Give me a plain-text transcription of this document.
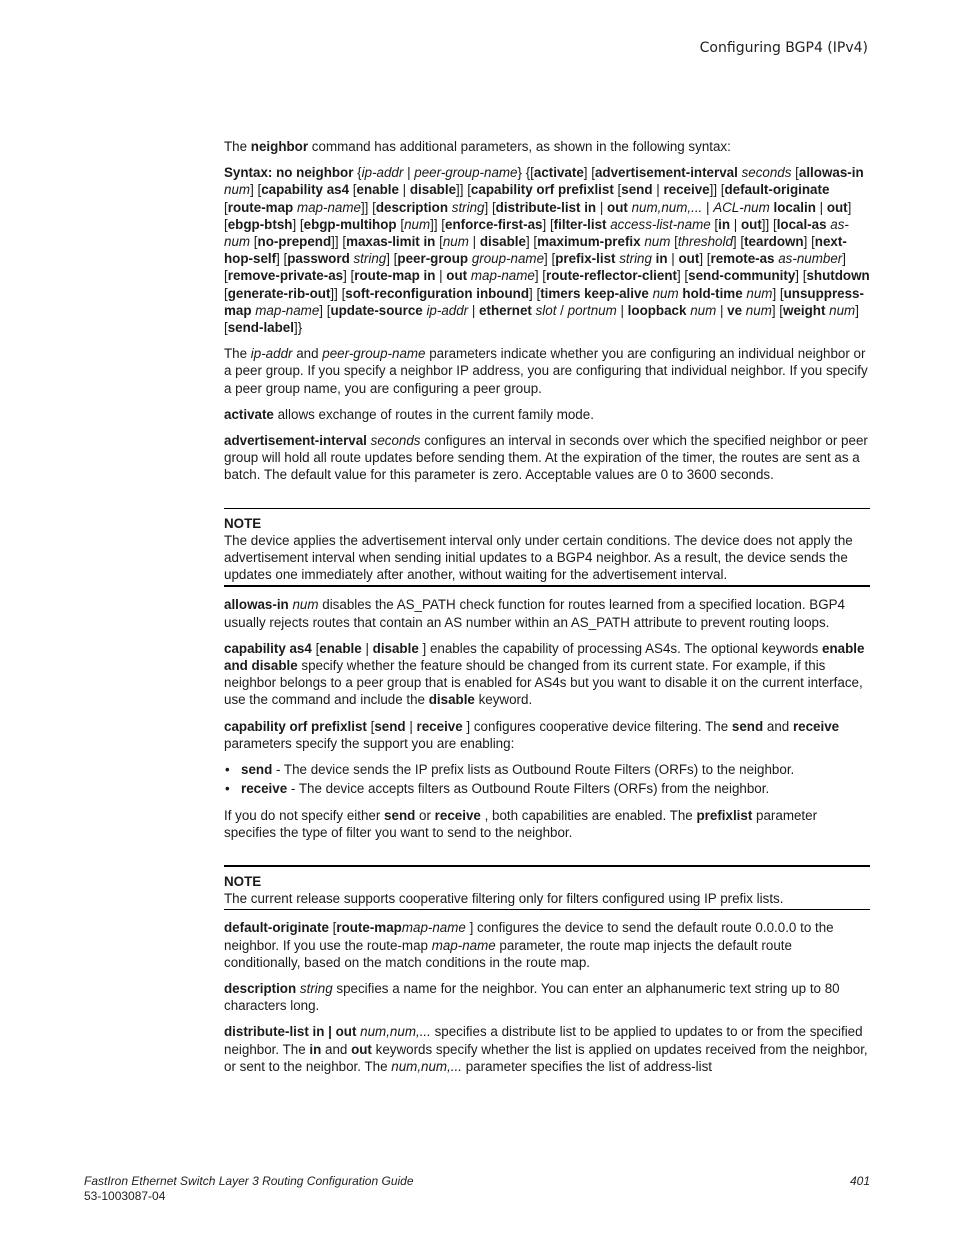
Configuring BGP4 (IPv4)

The neighbor command has additional parameters, as shown in the following syntax:

Syntax: no neighbor {ip-addr | peer-group-name} {[activate] [advertisement-interval seconds [allowas-in num] [capability as4 [enable | disable]] [capability orf prefixlist [send | receive]] [default-originate [route-map map-name]] [description string] [distribute-list in | out num,num,... | ACL-num localin | out] [ebgp-btsh] [ebgp-multihop [num]] [enforce-first-as] [filter-list access-list-name [in | out]] [local-as as-num [no-prepend]] [maxas-limit in [num | disable] [maximum-prefix num [threshold] [teardown] [next-hop-self] [password string] [peer-group group-name] [prefix-list string in | out] [remote-as as-number] [remove-private-as] [route-map in | out map-name] [route-reflector-client] [send-community] [shutdown [generate-rib-out]] [soft-reconfiguration inbound] [timers keep-alive num hold-time num] [unsuppress-map map-name] [update-source ip-addr | ethernet slot / portnum | loopback num | ve num] [weight num] [send-label]}

The ip-addr and peer-group-name parameters indicate whether you are configuring an individual neighbor or a peer group. If you specify a neighbor IP address, you are configuring that individual neighbor. If you specify a peer group name, you are configuring a peer group.

activate allows exchange of routes in the current family mode.

advertisement-interval seconds configures an interval in seconds over which the specified neighbor or peer group will hold all route updates before sending them. At the expiration of the timer, the routes are sent as a batch. The default value for this parameter is zero. Acceptable values are 0 to 3600 seconds.

NOTE
The device applies the advertisement interval only under certain conditions. The device does not apply the advertisement interval when sending initial updates to a BGP4 neighbor. As a result, the device sends the updates one immediately after another, without waiting for the advertisement interval.

allowas-in num disables the AS_PATH check function for routes learned from a specified location. BGP4 usually rejects routes that contain an AS number within an AS_PATH attribute to prevent routing loops.

capability as4 [enable | disable ] enables the capability of processing AS4s. The optional keywords enable and disable specify whether the feature should be changed from its current state. For example, if this neighbor belongs to a peer group that is enabled for AS4s but you want to disable it on the current interface, use the command and include the disable keyword.

capability orf prefixlist [send | receive ] configures cooperative device filtering. The send and receive parameters specify the support you are enabling:

• send - The device sends the IP prefix lists as Outbound Route Filters (ORFs) to the neighbor.
• receive - The device accepts filters as Outbound Route Filters (ORFs) from the neighbor.

If you do not specify either send or receive , both capabilities are enabled. The prefixlist parameter specifies the type of filter you want to send to the neighbor.

NOTE
The current release supports cooperative filtering only for filters configured using IP prefix lists.

default-originate [route-mapmap-name ] configures the device to send the default route 0.0.0.0 to the neighbor. If you use the route-map map-name parameter, the route map injects the default route conditionally, based on the match conditions in the route map.

description string specifies a name for the neighbor. You can enter an alphanumeric text string up to 80 characters long.

distribute-list in | out num,num,... specifies a distribute list to be applied to updates to or from the specified neighbor. The in and out keywords specify whether the list is applied on updates received from the neighbor, or sent to the neighbor. The num,num,... parameter specifies the list of address-list

FastIron Ethernet Switch Layer 3 Routing Configuration Guide
53-1003087-04
401
